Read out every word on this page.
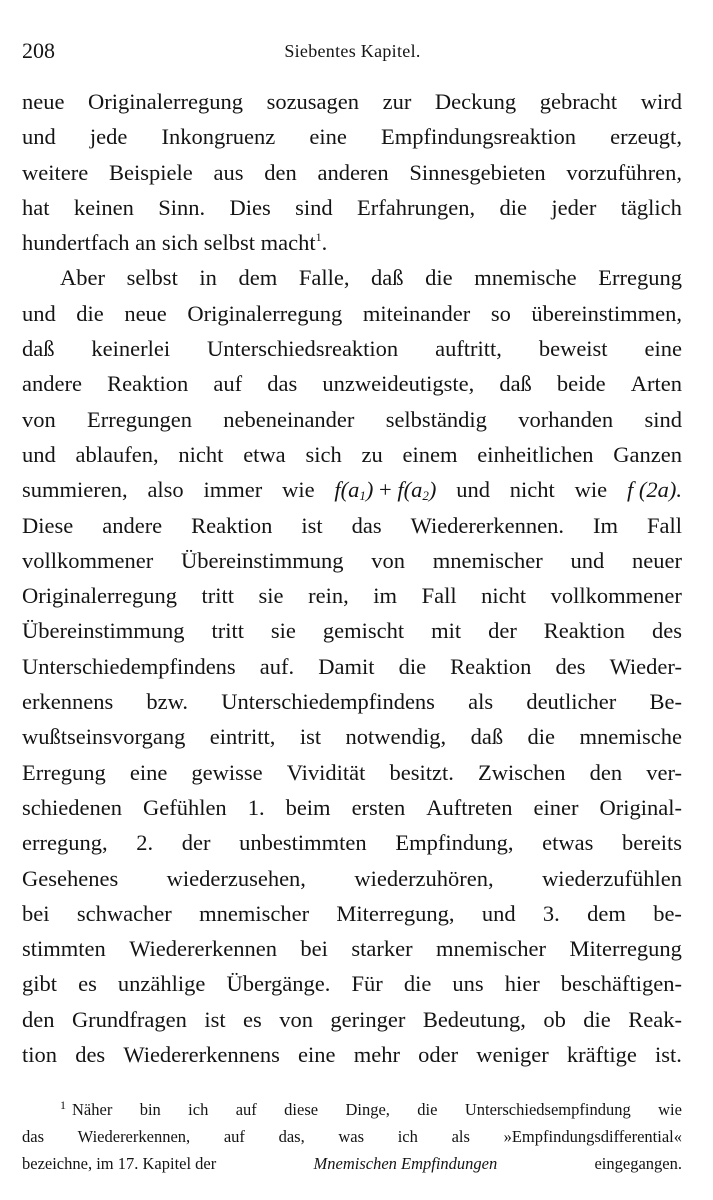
208	Siebentes Kapitel.
neue Originalerregung sozusagen zur Deckung gebracht wird
und jede Inkongruenz eine Empfindungsreaktion erzeugt,
weitere Beispiele aus den anderen Sinnesgebieten vorzuführen,
hat keinen Sinn. Dies sind Erfahrungen, die jeder täglich
hundertfach an sich selbst macht $^1$.
Aber selbst in dem Falle, daß die mnemische Erregung
und die neue Originalerregung miteinander so übereinstimmen,
daß keinerlei Unterschiedsreaktion auftritt, beweist eine
andere Reaktion auf das unzweideutigste, daß beide Arten
von Erregungen nebeneinander selbständig vorhanden sind
und ablaufen, nicht etwa sich zu einem einheitlichen Ganzen
summieren, also immer wie $f(a_1) + f(a_2)$ und nicht wie f (2a).
Diese andere Reaktion ist das Wiedererkennen. Im Fall
vollkommener Übereinstimmung von mnemischer und neuer
Originalerregung tritt sie rein, im Fall nicht vollkommener
Übereinstimmung tritt sie gemischt mit der Reaktion des
Unterschiedempfindens auf. Damit die Reaktion des Wieder-
erkennens bzw. Unterschiedempfindens als deutlicher Be-
wußtseinsvorgang eintritt, ist notwendig, daß die mnemische
Erregung eine gewisse Vividität besitzt. Zwischen den ver-
schiedenen Gefühlen 1. beim ersten Auftreten einer Original-
erregung, 2. der unbestimmten Empfindung, etwas bereits
Gesehenes wiederzusehen, wiederzuhören, wiederzufühlen
bei schwacher mnemischer Miterregung, und 3. dem be-
stimmten Wiedererkennen bei starker mnemischer Miterregung
gibt es unzählige Übergänge. Für die uns hier beschäftigen-
den Grundfragen ist es von geringer Bedeutung, ob die Reak-
tion des Wiedererkennens eine mehr oder weniger kräftige ist.
$^1$ Näher bin ich auf diese Dinge, die Unterschiedsempfindung wie
das Wiedererkennen, auf das, was ich als »Empfindungsdifferential«
bezeichne, im 17. Kapitel der	Mnemischen Empfindungen	eingegangen.
